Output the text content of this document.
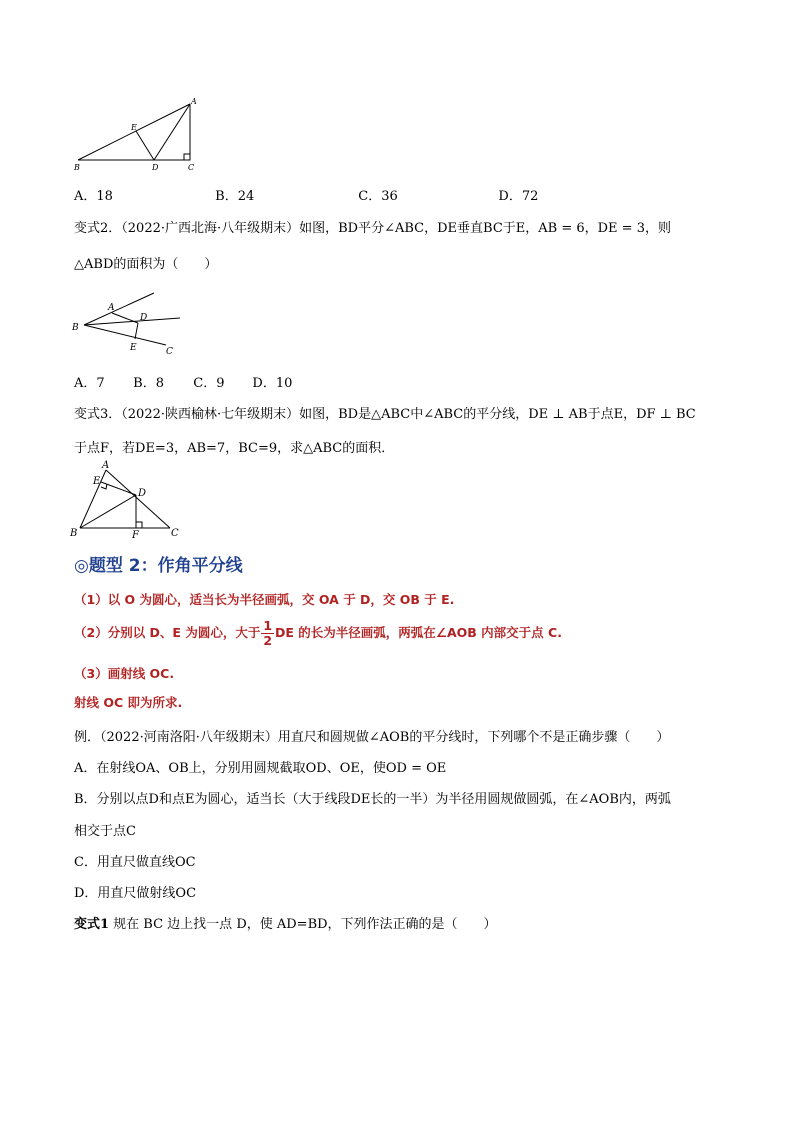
A
B	C
D
E
A．18	B．24	C．36	D．72
变式2．（2022·广西北海·八年级期末）如图，BD平分∠ABC，DE垂直BC于E，AB = 6，DE = 3，则
△ABD的面积为（　　）
A
B
D
E	C
A．7 B．8 C．9 D．10
变式3．（2022·陕西榆林·七年级期末）如图，BD是△ABC中∠ABC的平分线，DE ⊥ AB于点E，DF ⊥ BC
于点F，若DE=3，AB=7，BC=9，求△ABC的面积．
A
E
D
B	F	C
◎题型 2：作角平分线
（1）以 O 为圆心，适当长为半径画弧，交 OA 于 D，交 OB 于 E.
（2）分别以 D、E 为圆心，大于 $\frac{1}{2}$ DE 的长为半径画弧，两弧在∠AOB 内部交于点 C.
（3）画射线 OC.
射线 OC 即为所求.
例．（2022·河南洛阳·八年级期末）用直尺和圆规做∠AOB的平分线时，下列哪个不是正确步骤（　　）
A．在射线OA、OB上，分别用圆规截取OD、OE，使OD = OE
B．分别以点D和点E为圆心，适当长（大于线段DE长的一半）为半径用圆规做圆弧，在∠AOB内，两弧
相交于点C
C．用直尺做直线OC
D．用直尺做射线OC
变式1 规在 BC 边上找一点 D，使 AD=BD，下列作法正确的是（　　）
